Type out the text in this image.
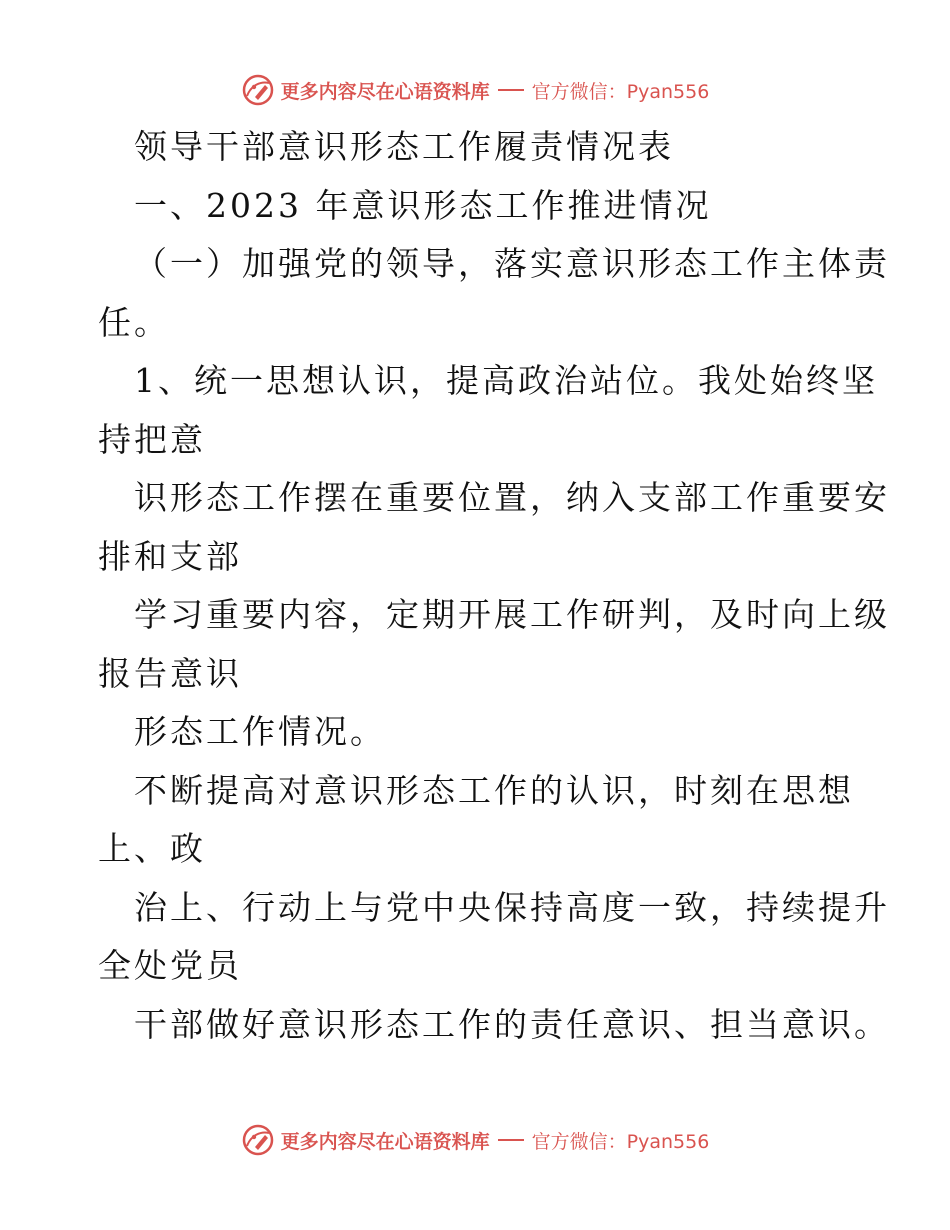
更多内容尽在心语资料库 官方微信：Pyan556
领导干部意识形态工作履责情况表
一、2023 年意识形态工作推进情况
（一）加强党的领导，落实意识形态工作主体责
任。
1、统一思想认识，提高政治站位。我处始终坚
持把意
识形态工作摆在重要位置，纳入支部工作重要安
排和支部
学习重要内容，定期开展工作研判，及时向上级
报告意识
形态工作情况。
不断提高对意识形态工作的认识，时刻在思想
上、政
治上、行动上与党中央保持高度一致，持续提升
全处党员
干部做好意识形态工作的责任意识、担当意识。
更多内容尽在心语资料库 官方微信：Pyan556
